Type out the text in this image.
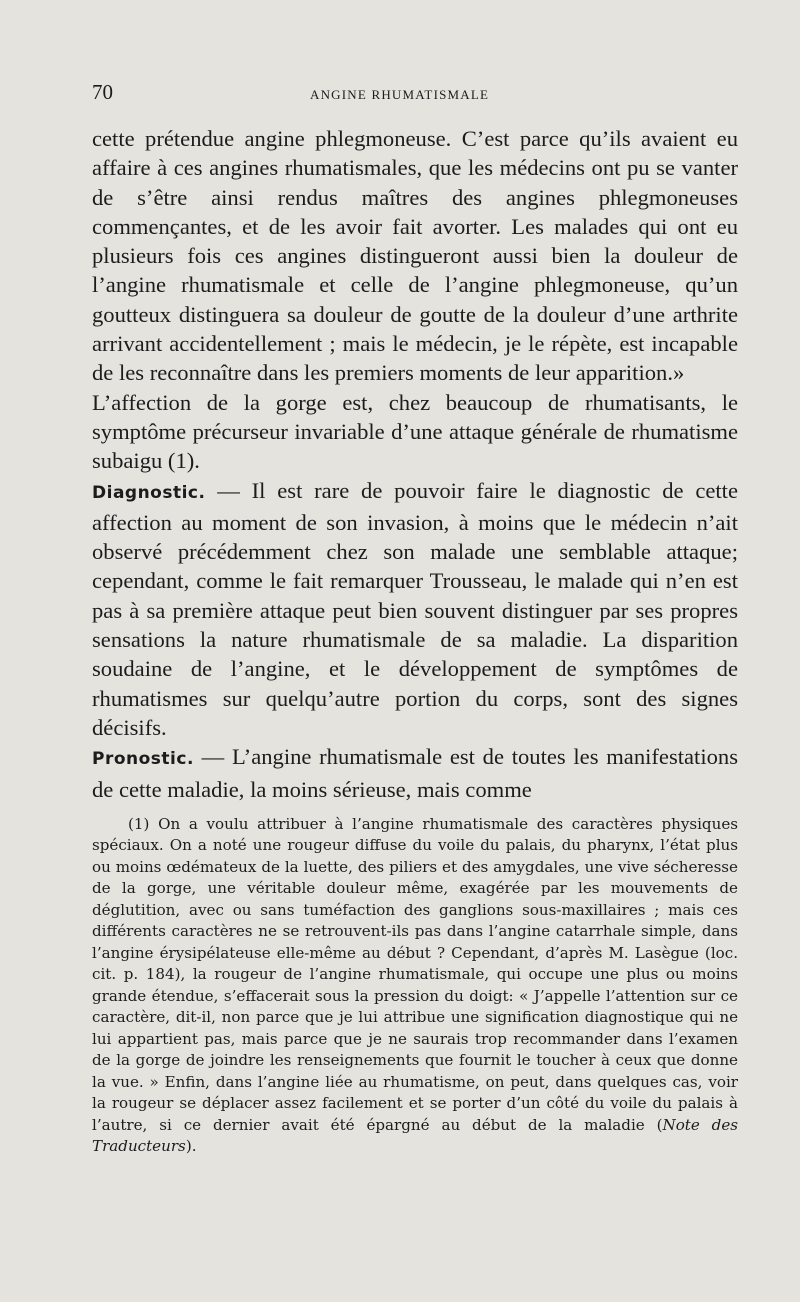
70	ANGINE RHUMATISMALE

cette prétendue angine phlegmoneuse. C’est parce qu’ils avaient eu affaire à ces angines rhumatismales, que les médecins ont pu se vanter de s’être ainsi rendus maîtres des angines phlegmoneuses commençantes, et de les avoir fait avorter. Les malades qui ont eu plusieurs fois ces angines distingueront aussi bien la douleur de l’angine rhumatismale et celle de l’angine phlegmoneuse, qu’un goutteux distinguera sa douleur de goutte de la douleur d’une arthrite arrivant accidentellement ; mais le médecin, je le répète, est incapable de les reconnaître dans les premiers moments de leur apparition.»

L’affection de la gorge est, chez beaucoup de rhumatisants, le symptôme précurseur invariable d’une attaque générale de rhumatisme subaigu (1).

Diagnostic. — Il est rare de pouvoir faire le diagnostic de cette affection au moment de son invasion, à moins que le médecin n’ait observé précédemment chez son malade une semblable attaque; cependant, comme le fait remarquer Trousseau, le malade qui n’en est pas à sa première attaque peut bien souvent distinguer par ses propres sensations la nature rhumatismale de sa maladie. La disparition soudaine de l’angine, et le développement de symptômes de rhumatismes sur quelqu’autre portion du corps, sont des signes décisifs.

Pronostic. — L’angine rhumatismale est de toutes les manifestations de cette maladie, la moins sérieuse, mais comme

(1) On a voulu attribuer à l’angine rhumatismale des caractères physiques spéciaux. On a noté une rougeur diffuse du voile du palais, du pharynx, l’état plus ou moins œdémateux de la luette, des piliers et des amygdales, une vive sécheresse de la gorge, une véritable douleur même, exagérée par les mouvements de déglutition, avec ou sans tuméfaction des ganglions sous-maxillaires ; mais ces différents caractères ne se retrouvent-ils pas dans l’angine catarrhale simple, dans l’angine érysipélateuse elle-même au début ? Cependant, d’après M. Lasègue (loc. cit. p. 184), la rougeur de l’angine rhumatismale, qui occupe une plus ou moins grande étendue, s’effacerait sous la pression du doigt: « J’appelle l’attention sur ce caractère, dit-il, non parce que je lui attribue une signification diagnostique qui ne lui appartient pas, mais parce que je ne saurais trop recommander dans l’examen de la gorge de joindre les renseignements que fournit le toucher à ceux que donne la vue. » Enfin, dans l’angine liée au rhumatisme, on peut, dans quelques cas, voir la rougeur se déplacer assez facilement et se porter d’un côté du voile du palais à l’autre, si ce dernier avait été épargné au début de la maladie (Note des Traducteurs).
